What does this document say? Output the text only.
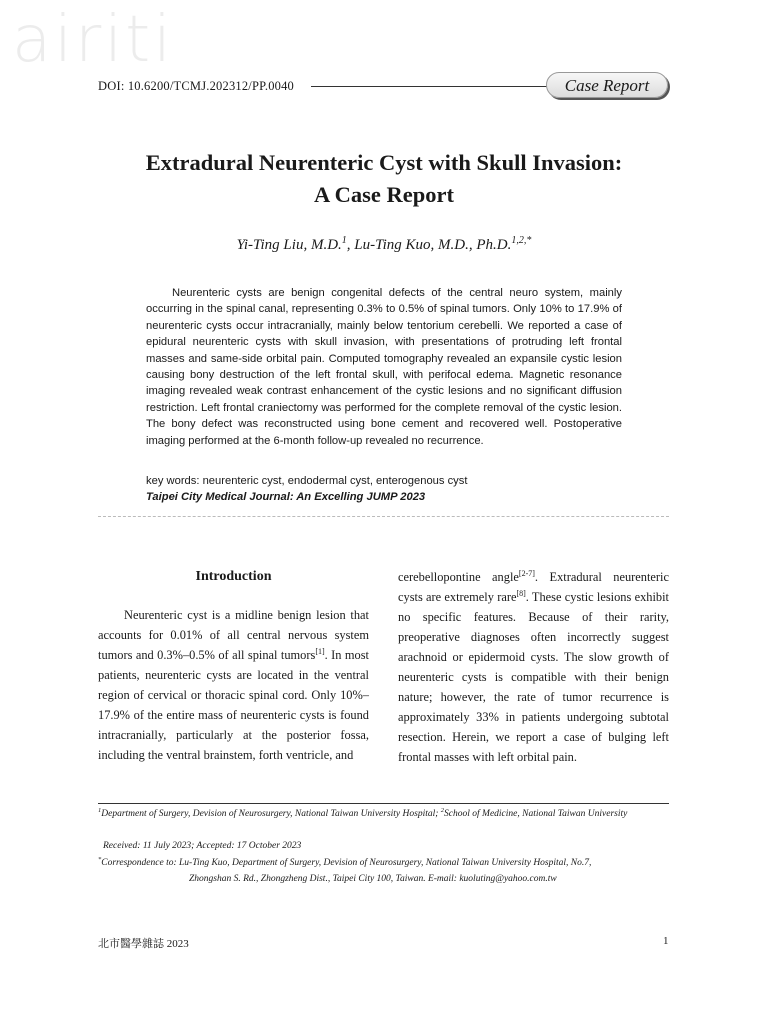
airiti
DOI: 10.6200/TCMJ.202312/PP.0040	Case Report
Extradural Neurenteric Cyst with Skull Invasion:
A Case Report
Yi-Ting Liu, M.D.$^1$, Lu-Ting Kuo, M.D., Ph.D.$^{1,2,*}$

Neurenteric cysts are benign congenital defects of the central neuro system, mainly occurring in the spinal canal, representing 0.3% to 0.5% of spinal tumors. Only 10% to 17.9% of neurenteric cysts occur intracranially, mainly below tentorium cerebelli. We reported a case of epidural neurenteric cysts with skull invasion, with presentations of protruding left frontal masses and same-side orbital pain. Computed tomography revealed an expansile cystic lesion causing bony destruction of the left frontal skull, with perifocal edema. Magnetic resonance imaging revealed weak contrast enhancement of the cystic lesions and no significant diffusion restriction. Left frontal craniectomy was performed for the complete removal of the cystic lesion. The bony defect was reconstructed using bone cement and recovered well. Postoperative imaging performed at the 6-month follow-up revealed no recurrence.

key words: neurenteric cyst, endodermal cyst, enterogenous cyst
Taipei City Medical Journal: An Excelling JUMP 2023
Introduction

Neurenteric cyst is a midline benign lesion that accounts for 0.01% of all central nervous system tumors and 0.3%–0.5% of all spinal tumors[1]. In most patients, neurenteric cysts are located in the ventral region of cervical or thoracic spinal cord. Only 10%–17.9% of the entire mass of neurenteric cysts is found intracranially, particularly at the posterior fossa, including the ventral brainstem, forth ventricle, and

cerebellopontine angle[2-7]. Extradural neurenteric cysts are extremely rare[8]. These cystic lesions exhibit no specific features. Because of their rarity, preoperative diagnoses often incorrectly suggest arachnoid or epidermoid cysts. The slow growth of neurenteric cysts is compatible with their benign nature; however, the rate of tumor recurrence is approximately 33% in patients undergoing subtotal resection. Herein, we report a case of bulging left frontal masses with left orbital pain.

$^1$Department of Surgery, Devision of Neurosurgery, National Taiwan University Hospital; $^2$School of Medicine, National Taiwan University

Received: 11 July 2023; Accepted: 17 October 2023

*Correspondence to: Lu-Ting Kuo, Department of Surgery, Devision of Neurosurgery, National Taiwan University Hospital, No.7,
Zhongshan S. Rd., Zhongzheng Dist., Taipei City 100, Taiwan. E-mail: kuoluting@yahoo.com.tw

北市醫學雜誌 2023	1
